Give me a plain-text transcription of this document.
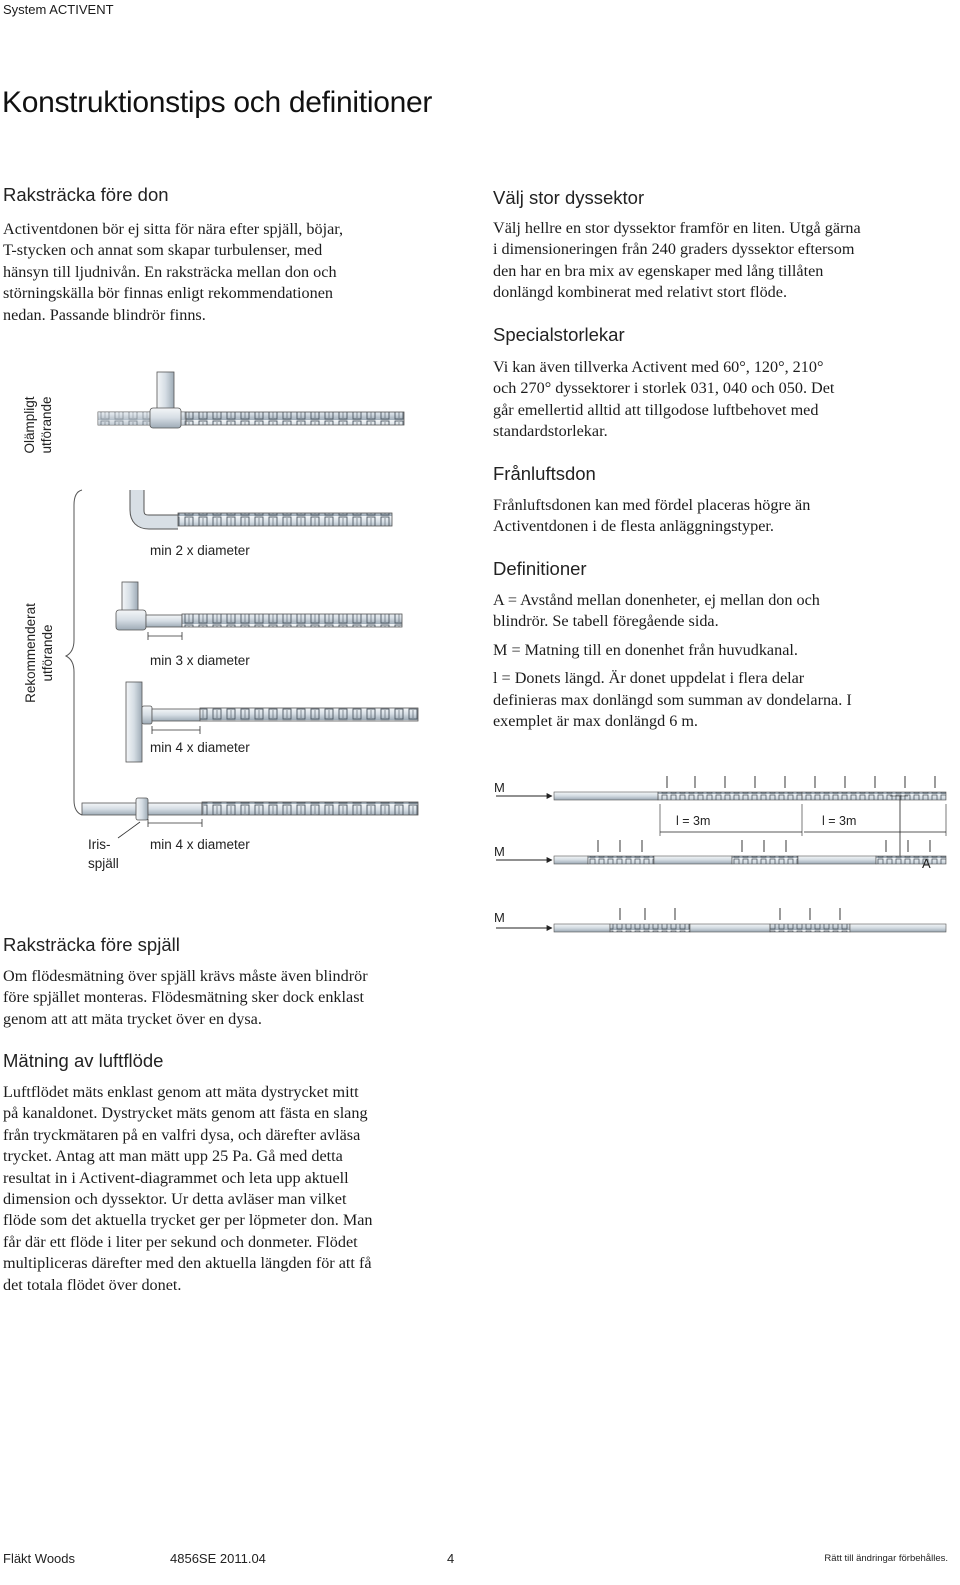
System ACTIVENT
Konstruktionstips och definitioner
Raksträcka före don

Activentdonen bör ej sitta för nära efter spjäll, böjar,

T-stycken och annat som skapar turbulenser, med

hänsyn till ljudnivån. En raksträcka mellan don och

störningskälla bör finnas enligt rekommendationen

nedan. Passande blindrör finns.

Olämpligt utförande
Rekommenderat utförande
min 2 x diameter
min 3 x diameter
min 4 x diameter
min 4 x diameter
Iris-
spjäll
Raksträcka före spjäll

Om flödesmätning över spjäll krävs måste även blindrör

före spjället monteras. Flödesmätning sker dock enklast

genom att att mäta trycket över en dysa.

Mätning av luftflöde

Luftflödet mäts enklast genom att mäta dystrycket mitt

på kanaldonet. Dystrycket mäts genom att fästa en slang

från tryckmätaren på en valfri dysa, och därefter avläsa

trycket. Antag att man mätt upp 25 Pa. Gå med detta

resultat in i Activent-diagrammet och leta upp aktuell

dimension och dyssektor. Ur detta avläser man vilket

flöde som det aktuella trycket ger per löpmeter don. Man

får där ett flöde i liter per sekund och donmeter. Flödet

multipliceras därefter med den aktuella längden för att få

det totala flödet över donet.

Välj stor dyssektor

Välj hellre en stor dyssektor framför en liten. Utgå gärna

i dimensioneringen från 240 graders dyssektor eftersom

den har en bra mix av egenskaper med lång tillåten

donlängd kombinerat med relativt stort flöde.

Specialstorlekar

Vi kan även tillverka Activent med 60°, 120°, 210°

och 270° dyssektorer i storlek 031, 040 och 050. Det

går emellertid alltid att tillgodose luftbehovet med

standardstorlekar.

Frånluftsdon

Frånluftsdonen kan med fördel placeras högre än

Activentdonen i de flesta anläggningstyper.

Definitioner

A = Avstånd mellan donenheter, ej mellan don och

blindrör. Se tabell föregående sida.

M = Matning till en donenhet från huvudkanal.

l = Donets längd. Är donet uppdelat i flera delar

definieras max donlängd som summan av dondelarna. I

exemplet är max donlängd 6 m.

M
M
M
l = 3m	l = 3m
A
Fläkt Woods	4856SE 2011.04	4	Rätt till ändringar förbehålles.
